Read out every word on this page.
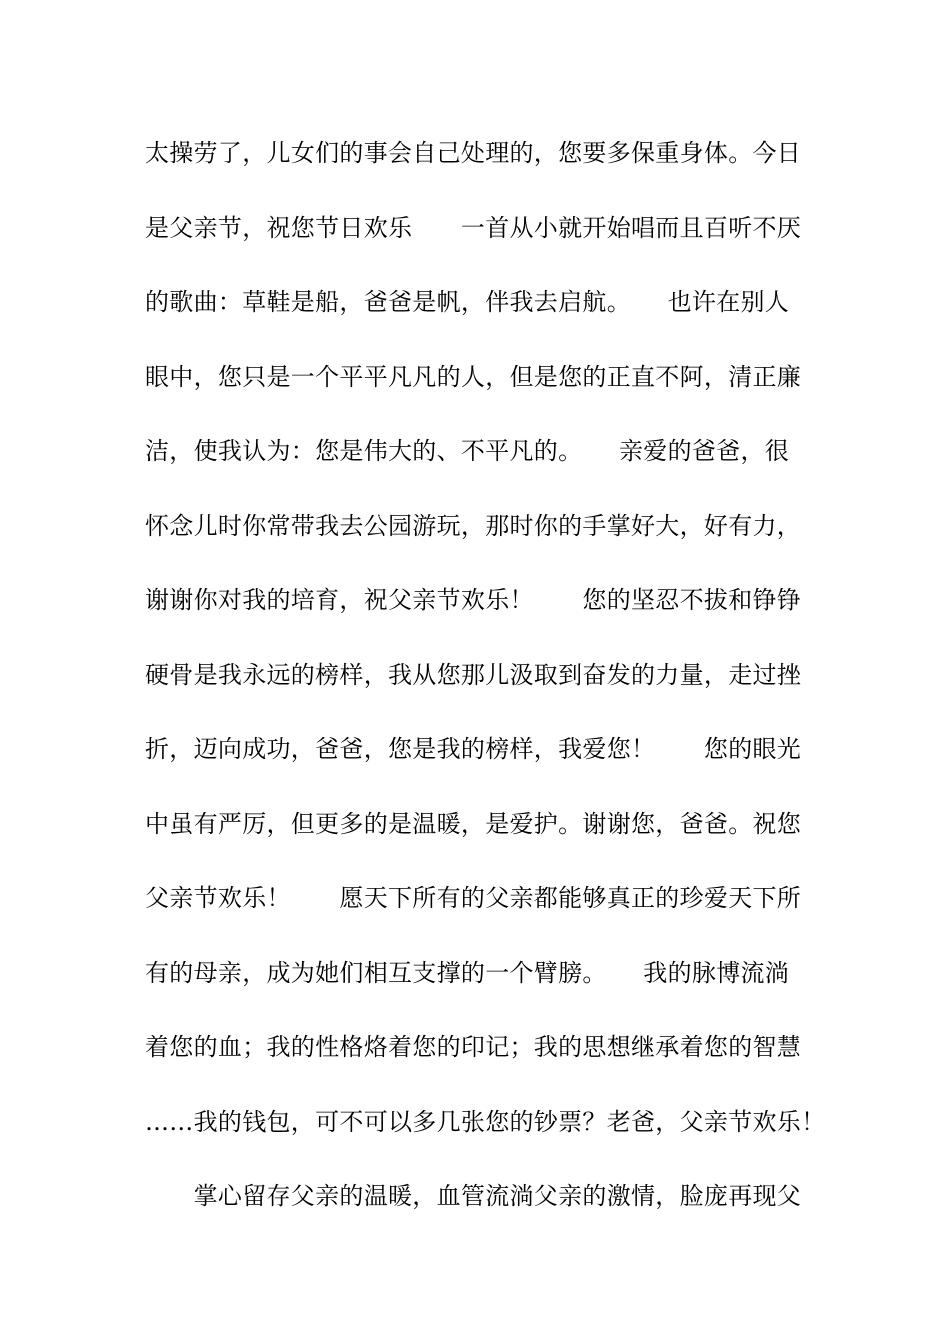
太操劳了，儿女们的事会自己处理的，您要多保重身体。今日
是父亲节，祝您节日欢乐　　一首从小就开始唱而且百听不厌
的歌曲：草鞋是船，爸爸是帆，伴我去启航。　　也许在别人
眼中，您只是一个平平凡凡的人，但是您的正直不阿，清正廉
洁，使我认为：您是伟大的、不平凡的。　　亲爱的爸爸，很
怀念儿时你常带我去公园游玩，那时你的手掌好大，好有力，
谢谢你对我的培育，祝父亲节欢乐！　　您的坚忍不拔和铮铮
硬骨是我永远的榜样，我从您那儿汲取到奋发的力量，走过挫
折，迈向成功，爸爸，您是我的榜样，我爱您！　　您的眼光
中虽有严厉，但更多的是温暖，是爱护。谢谢您，爸爸。祝您
父亲节欢乐！　　愿天下所有的父亲都能够真正的珍爱天下所
有的母亲，成为她们相互支撑的一个臂膀。　　我的脉博流淌
着您的血；我的性格烙着您的印记；我的思想继承着您的智慧
……我的钱包，可不可以多几张您的钞票？老爸，父亲节欢乐！
　　掌心留存父亲的温暖，血管流淌父亲的激情，脸庞再现父
